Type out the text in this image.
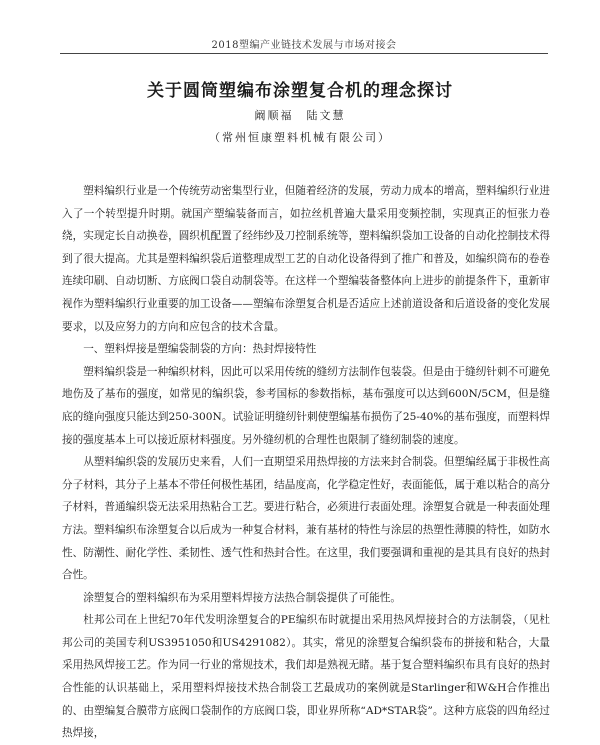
2018塑编产业链技术发展与市场对接会
关于圆筒塑编布涂塑复合机的理念探讨
阚顺福　陆文慧
（常州恒康塑料机械有限公司）

塑料编织行业是一个传统劳动密集型行业，但随着经济的发展，劳动力成本的增高，塑料编织行业进入了一个转型提升时期。就国产塑编装备而言，如拉丝机普遍大量采用变频控制，实现真正的恒张力卷绕，实现定长自动换卷，圆织机配置了经纬纱及刀控制系统等，塑料编织袋加工设备的自动化控制技术得到了很大提高。尤其是塑料编织袋后道整理成型工艺的自动化设备得到了推广和普及，如编织筒布的卷卷连续印刷、自动切断、方底阀口袋自动制袋等。在这样一个塑编装备整体向上进步的前提条件下，重新审视作为塑料编织行业重要的加工设备——塑编布涂塑复合机是否适应上述前道设备和后道设备的变化发展要求，以及应努力的方向和应包含的技术含量。

一、塑料焊接是塑编袋制袋的方向：热封焊接特性

塑料编织袋是一种编织材料，因此可以采用传统的缝纫方法制作包装袋。但是由于缝纫针刺不可避免地伤及了基布的强度，如常见的编织袋，参考国标的参数指标，基布强度可以达到600N/5CM，但是缝底的缝向强度只能达到250-300N。试验证明缝纫针刺使塑编基布损伤了25-40%的基布强度，而塑料焊接的强度基本上可以接近原材料强度。另外缝纫机的合理性也限制了缝纫制袋的速度。

从塑料编织袋的发展历史来看，人们一直期望采用热焊接的方法来封合制袋。但塑编经属于非极性高分子材料，其分子上基本不带任何极性基团，结晶度高，化学稳定性好，表面能低，属于难以粘合的高分子材料，普通编织袋无法采用热粘合工艺。要进行粘合，必须进行表面处理。涂塑复合就是一种表面处理方法。塑料编织布涂塑复合以后成为一种复合材料，兼有基材的特性与涂层的热塑性薄膜的特性，如防水性、防潮性、耐化学性、柔韧性、透气性和热封合性。在这里，我们要强调和重视的是其具有良好的热封合性。

涂塑复合的塑料编织布为采用塑料焊接方法热合制袋提供了可能性。

杜邦公司在上世纪70年代发明涂塑复合的PE编织布时就提出采用热风焊接封合的方法制袋，（见杜邦公司的美国专利US3951050和US4291082）。其实，常见的涂塑复合编织袋布的拼接和粘合，大量采用热风焊接工艺。作为同一行业的常规技术，我们却是熟视无睹。基于复合塑料编织布具有良好的热封合性能的认识基础上，采用塑料焊接技术热合制袋工艺最成功的案例就是Starlinger和W&H合作推出的、由塑编复合膜带方底阀口袋制作的方底阀口袋，即业界所称“AD*STAR袋”。这种方底袋的四角经过热焊接，
